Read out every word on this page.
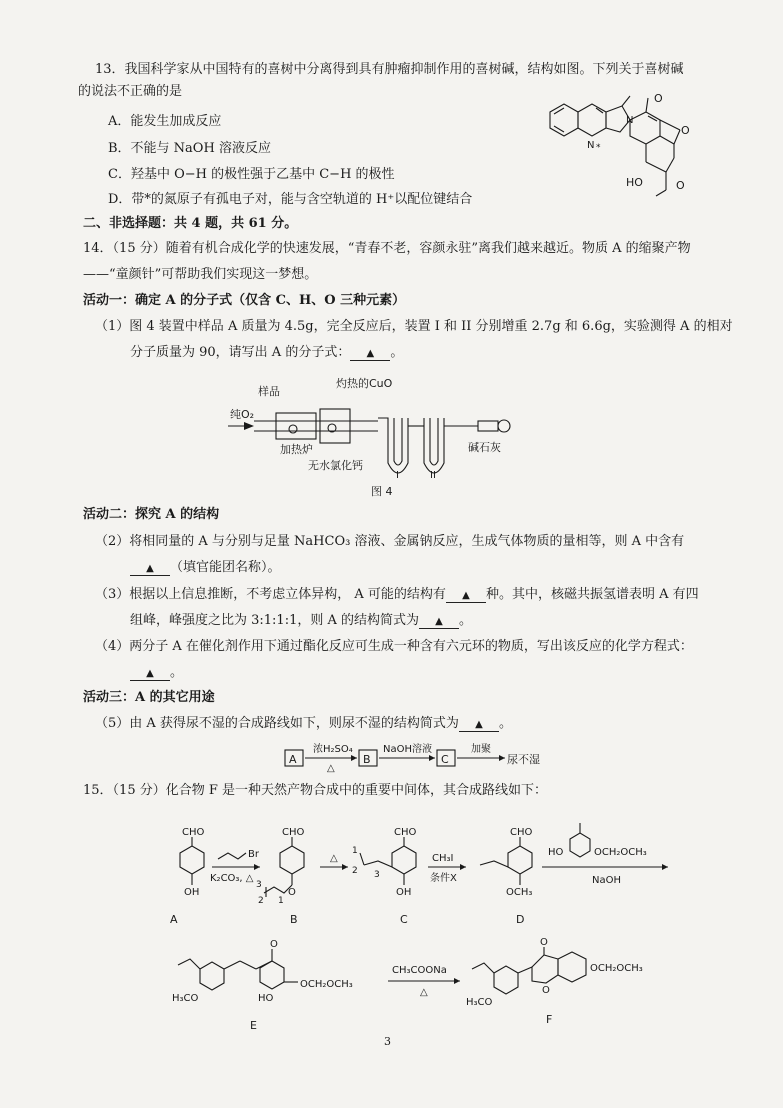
13．我国科学家从中国特有的喜树中分离得到具有肿瘤抑制作用的喜树碱，结构如图。下列关于喜树碱
的说法不正确的是
A．能发生加成反应
B．不能与 NaOH 溶液反应
C．羟基中 O−H 的极性强于乙基中 C−H 的极性
D．带*的氮原子有孤电子对，能与含空轨道的 H⁺以配位键结合
O
O
O
N *
N
HO
二、非选择题：共 4 题，共 61 分。
14．（15 分）随着有机合成化学的快速发展，“青春不老，容颜永驻”离我们越来越近。物质 A 的缩聚产物
——“童颜针”可帮助我们实现这一梦想。
活动一：确定 A 的分子式（仅含 C、H、O 三种元素）
（1）图 4 装置中样品 A 质量为 4.5g，完全反应后，装置 I 和 II 分别增重 2.7g 和 6.6g，实验测得 A 的相对
分子质量为 90，请写出 A 的分子式： ▲ 。
纯O₂
样品
灼热的CuO
加热炉
无水氯化钙
碱石灰
I	II
图 4
活动二：探究 A 的结构
（2）将相同量的 A 与分别与足量 NaHCO₃ 溶液、金属钠反应，生成气体物质的量相等，则 A 中含有
▲ （填官能团名称）。
（3）根据以上信息推断，不考虑立体异构， A 可能的结构有 ▲ 种。其中，核磁共振氢谱表明 A 有四
组峰，峰强度之比为 3:1:1:1，则 A 的结构简式为 ▲ 。
（4）两分子 A 在催化剂作用下通过酯化反应可生成一种含有六元环的物质，写出该反应的化学方程式：
▲ 。
活动三：A 的其它用途
（5）由 A 获得尿不湿的合成路线如下，则尿不湿的结构简式为 ▲ 。
A	B	C
浓H₂SO₄
△
NaOH溶液	加聚
尿不湿
15．（15 分）化合物 F 是一种天然产物合成中的重要中间体，其合成路线如下：
CHO
OH
Br
K₂CO₃, △
CHO
O
3
2 1
△
CHO
OH
1
2 3
CH₃I
条件X
CHO
OCH₃
HO	OCH₂OCH₃
NaOH
A	B	C	D
O
H₃CO	HO
OCH₂OCH₃
CH₃COONa
△
O
O
H₃CO
OCH₂OCH₃
E	F
3
